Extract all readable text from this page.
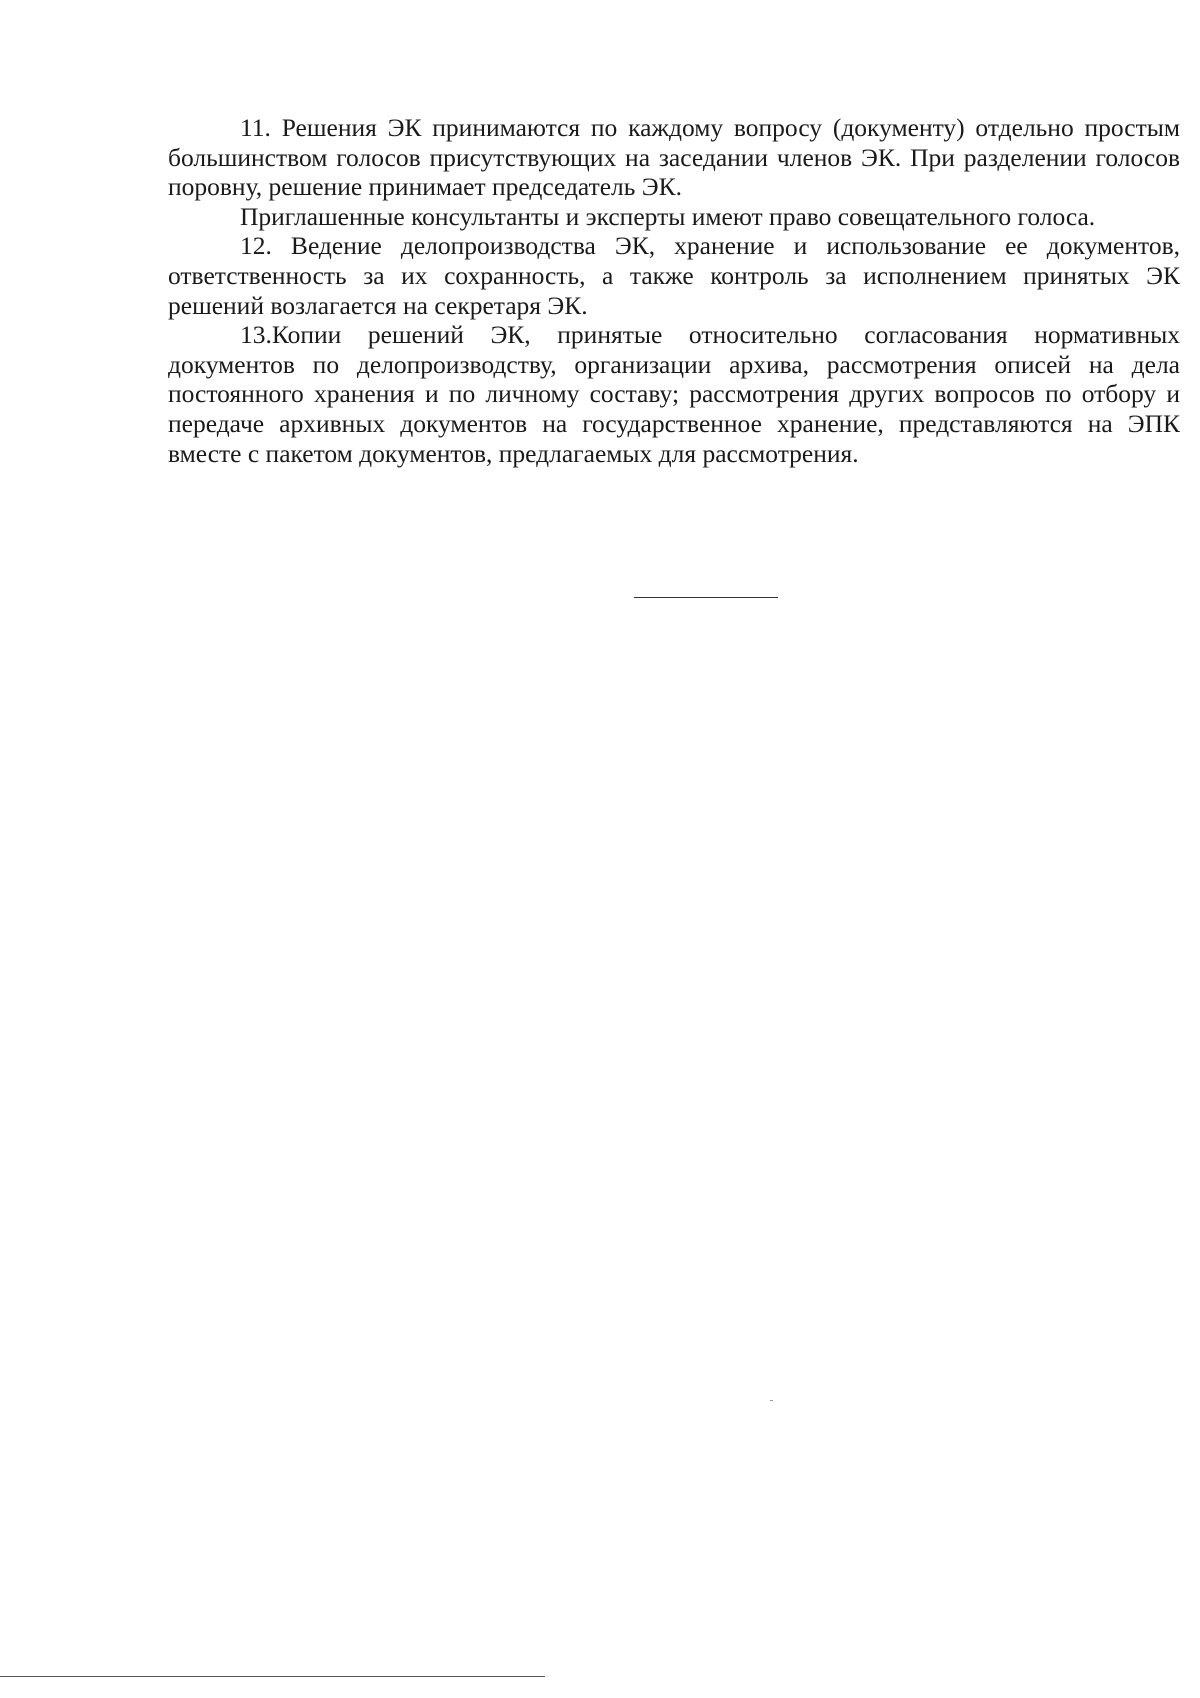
11. Решения ЭК принимаются по каждому вопросу (документу) отдельно простым большинством голосов присутствующих на заседании членов ЭК. При разделении голосов поровну, решение принимает председатель ЭК.

Приглашенные консультанты и эксперты имеют право совещательного голоса.

12. Ведение делопроизводства ЭК, хранение и использование ее документов, ответственность за их сохранность, а также контроль за исполнением принятых ЭК решений возлагается на секретаря ЭК.

13.Копии решений ЭК, принятые относительно согласования нормативных документов по делопроизводству, организации архива, рассмотрения описей на дела постоянного хранения и по личному составу; рассмотрения других вопросов по отбору и передаче архивных документов на государственное хранение, представляются на ЭПК вместе с пакетом документов, предлагаемых для рассмотрения.
